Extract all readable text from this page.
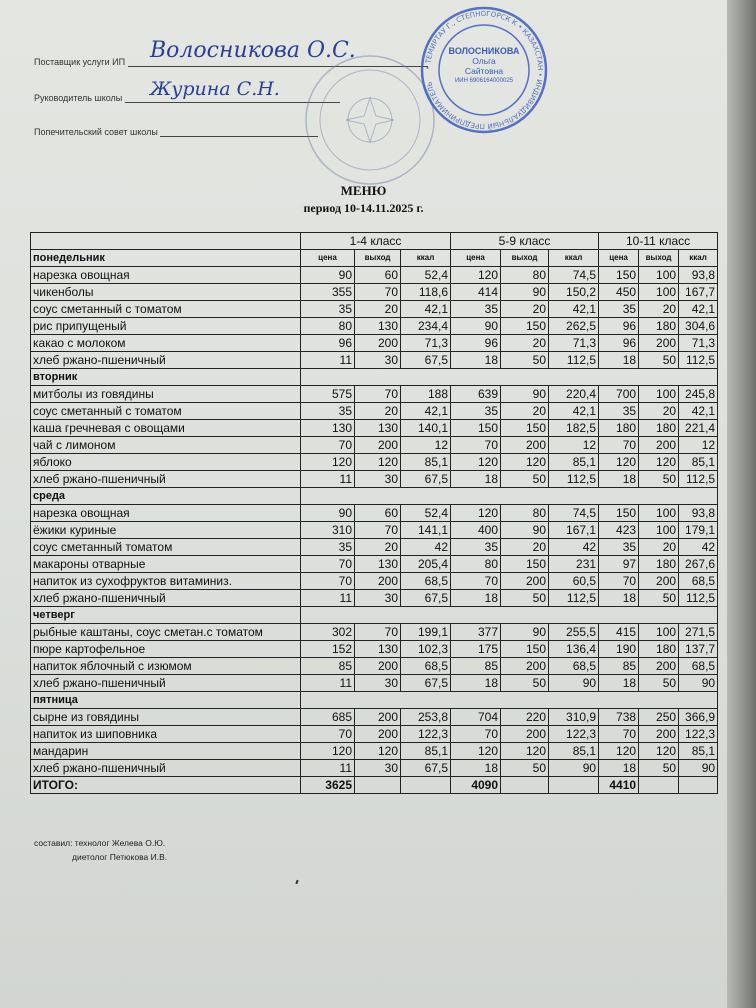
Поставщик услуги ИП	Волосникова О.С.
Руководитель школы	Журина С.Н.
Попечительский совет школы
• ТЕМИРТАУ Г., СТЕПНОГОРСК К • КАЗАХСТАН • ИНДИВИДУАЛЬНЫЙ ПРЕДПРИНИМАТЕЛЬ
ВОЛОСНИКОВА
Ольга
Сайтовна
ИИН 6906164000025
МЕНЮ
период 10-14.11.2025 г.
	1-4 класс			5-9 класс			10-11 класс		
понедельник	цена	выход	ккал	цена	выход	ккал	цена	выход	ккал
нарезка овощная	90	60	52,4	120	80	74,5	150	100	93,8
чикенболы	355	70	118,6	414	90	150,2	450	100	167,7
соус сметанный с томатом	35	20	42,1	35	20	42,1	35	20	42,1
рис припущеный	80	130	234,4	90	150	262,5	96	180	304,6
какао с молоком	96	200	71,3	96	20	71,3	96	200	71,3
хлеб ржано-пшеничный	11	30	67,5	18	50	112,5	18	50	112,5
вторник									
митболы из говядины	575	70	188	639	90	220,4	700	100	245,8
соус сметанный с томатом	35	20	42,1	35	20	42,1	35	20	42,1
каша гречневая с овощами	130	130	140,1	150	150	182,5	180	180	221,4
чай с лимоном	70	200	12	70	200	12	70	200	12
яблоко	120	120	85,1	120	120	85,1	120	120	85,1
хлеб ржано-пшеничный	11	30	67,5	18	50	112,5	18	50	112,5
среда									
нарезка овощная	90	60	52,4	120	80	74,5	150	100	93,8
ёжики куриные	310	70	141,1	400	90	167,1	423	100	179,1
соус сметанный томатом	35	20	42	35	20	42	35	20	42
макароны отварные	70	130	205,4	80	150	231	97	180	267,6
напиток из сухофруктов витаминиз.	70	200	68,5	70	200	60,5	70	200	68,5
хлеб ржано-пшеничный	11	30	67,5	18	50	112,5	18	50	112,5
четверг									
рыбные каштаны, соус сметан.с томатом	302	70	199,1	377	90	255,5	415	100	271,5
пюре картофельное	152	130	102,3	175	150	136,4	190	180	137,7
напиток яблочный с изюмом	85	200	68,5	85	200	68,5	85	200	68,5
хлеб ржано-пшеничный	11	30	67,5	18	50	90	18	50	90
пятница									
сырне из говядины	685	200	253,8	704	220	310,9	738	250	366,9
напиток из шиповника	70	200	122,3	70	200	122,3	70	200	122,3
мандарин	120	120	85,1	120	120	85,1	120	120	85,1
хлеб ржано-пшеничный	11	30	67,5	18	50	90	18	50	90
ИТОГО:	3625			4090			4410		
составил: технолог Желева О.Ю.
диетолог Петюкова И.В.
